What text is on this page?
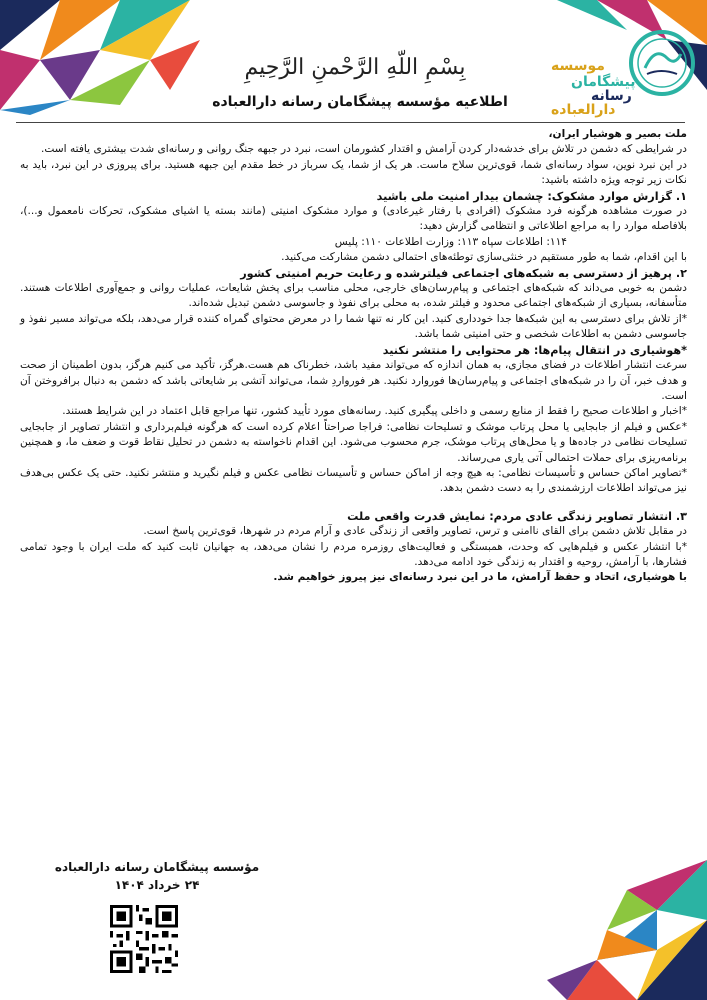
موسسه
پیشگامان
رسانه
دارالعباده
بِسْمِ اللّهِ الرَّحْمنِ الرَّحِيمِ
اطلاعیه مؤسسه پیشگامان رسانه دارالعباده

ملت بصیر و هوشیار ایران،

در شرایطی که دشمن در تلاش برای خدشه‌دار کردن آرامش و اقتدار کشورمان است، نبرد در جبهه جنگ روانی و رسانه‌ای شدت بیشتری یافته است.

در این نبرد نوین، سواد رسانه‌ای شما، قوی‌ترین سلاح ماست. هر یک از شما، یک سرباز در خط مقدم این جبهه هستید. برای پیروزی در این نبرد، باید به نکات زیر توجه ویژه داشته باشید:

۱. گزارش موارد مشکوک: چشمان بیدار امنیت ملی باشید

در صورت مشاهده هرگونه فرد مشکوک (افرادی با رفتار غیرعادی) و موارد مشکوک امنیتی (مانند بسته یا اشیای مشکوک، تحرکات نامعمول و...)، بلافاصله موارد را به مراجع اطلاعاتی و انتظامی گزارش دهید:

۱۱۴: اطلاعات سپاه ۱۱۳: وزارت اطلاعات ۱۱۰: پلیس

با این اقدام، شما به طور مستقیم در خنثی‌سازی توطئه‌های احتمالی دشمن مشارکت می‌کنید.

۲. پرهیز از دسترسی به شبکه‌های اجتماعی فیلترشده و رعایت حریم امنیتی کشور

دشمن به خوبی می‌داند که شبکه‌های اجتماعی و پیام‌رسان‌های خارجی، محلی مناسب برای پخش شایعات، عملیات روانی و جمع‌آوری اطلاعات هستند. متأسفانه، بسیاری از شبکه‌های اجتماعی محدود و فیلتر شده، به محلی برای نفوذ و جاسوسی دشمن تبدیل شده‌اند.

*از تلاش برای دسترسی به این شبکه‌ها جدا خودداری کنید. این کار نه تنها شما را در معرض محتوای گمراه کننده قرار می‌دهد، بلکه می‌تواند مسیر نفوذ و جاسوسی دشمن به اطلاعات شخصی و حتی امنیتی شما باشد.

*هوشیاری در انتقال پیام‌ها: هر محتوایی را منتشر نکنید

سرعت انتشار اطلاعات در فضای مجازی، به همان اندازه که می‌تواند مفید باشد، خطرناک هم هست.هرگز، تأکید می کنیم هرگز، بدون اطمینان از صحت و هدف خبر، آن را در شبکه‌های اجتماعی و پیام‌رسان‌ها فوروارد نکنید. هر فورواردِ شما، می‌تواند آتشی بر شایعاتی باشد که دشمن به دنبال برافروختن آن است.

*اخبار و اطلاعات صحیح را فقط از منابع رسمی و داخلی پیگیری کنید. رسانه‌های مورد تأیید کشور، تنها مراجع قابل اعتماد در این شرایط هستند.

*عکس و فیلم از جابجایی یا محل پرتاب موشک و تسلیحات نظامی: فراجا صراحتاً اعلام کرده است که هرگونه فیلم‌برداری و انتشار تصاویر از جابجایی تسلیحات نظامی در جاده‌ها و یا محل‌های پرتاب موشک، جرم محسوب می‌شود. این اقدام ناخواسته به دشمن در تحلیل نقاط قوت و ضعف ما، و همچنین برنامه‌ریزی برای حملات احتمالی آتی یاری می‌رساند.

*تصاویر اماکن حساس و تأسیسات نظامی: به هیچ وجه از اماکن حساس و تأسیسات نظامی عکس و فیلم نگیرید و منتشر نکنید. حتی یک عکس بی‌هدف نیز می‌تواند اطلاعات ارزشمندی را به دست دشمن بدهد.

۳. انتشار تصاویر زندگی عادی مردم: نمایش قدرت واقعی ملت

در مقابل تلاش دشمن برای القای ناامنی و ترس، تصاویر واقعی از زندگی عادی و آرام مردم در شهرها، قوی‌ترین پاسخ است.

*با انتشار عکس و فیلم‌هایی که وحدت، همبستگی و فعالیت‌های روزمره مردم را نشان می‌دهد، به جهانیان ثابت کنید که ملت ایران با وجود تمامی فشارها، با آرامش، روحیه و اقتدار به زندگی خود ادامه می‌دهد.

با هوشیاری، اتحاد و حفظ آرامش، ما در این نبرد رسانه‌ای نیز پیروز خواهیم شد.

مؤسسه پیشگامان رسانه دارالعباده
۲۴ خرداد ۱۴۰۴
